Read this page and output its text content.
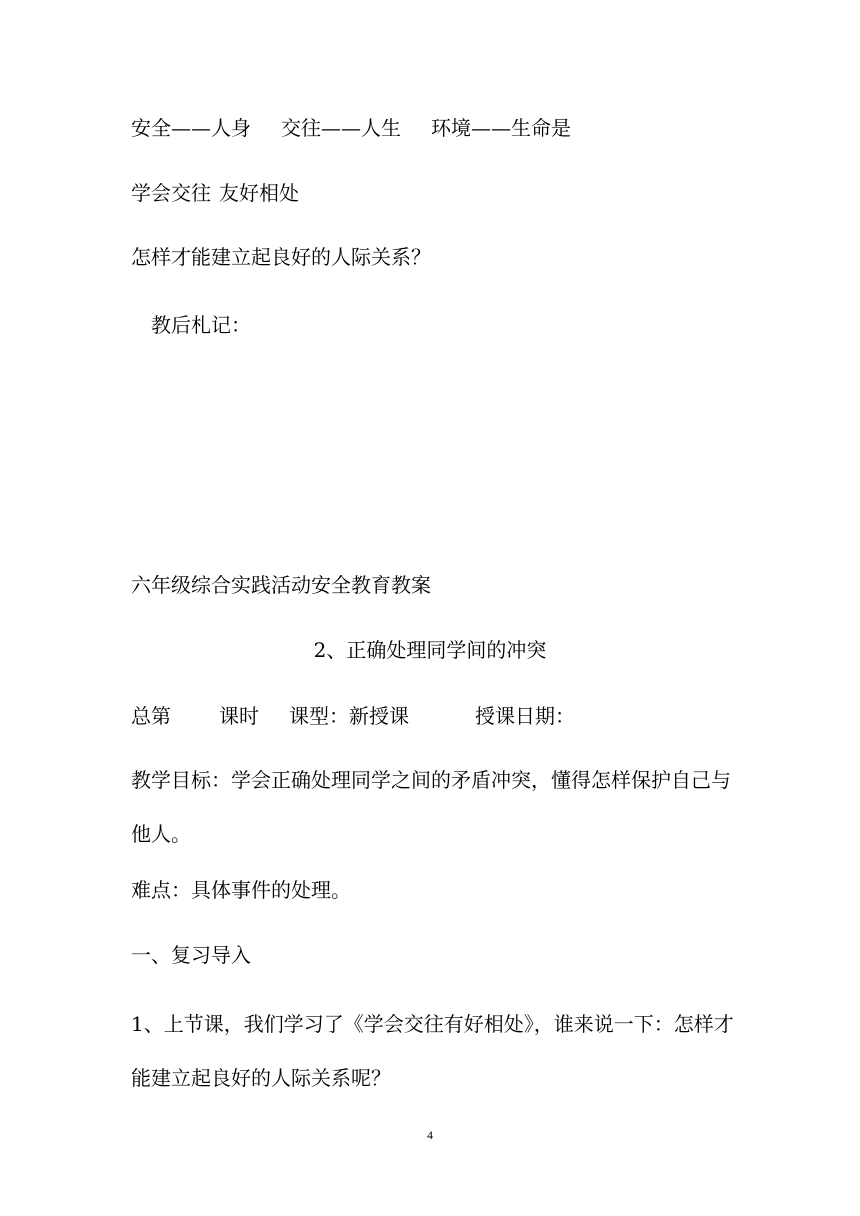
安全——人身 交往——人生 环境——生命是
学会交往 友好相处
怎样才能建立起良好的人际关系？
教后札记：
六年级综合实践活动安全教育教案
2、正确处理同学间的冲突
总第 课时 课型：新授课	授课日期：
教学目标：学会正确处理同学之间的矛盾冲突，懂得怎样保护自己与他人。
难点：具体事件的处理。
一、复习导入
1、上节课，我们学习了《学会交往有好相处》，谁来说一下：怎样才能建立起良好的人际关系呢？
4
